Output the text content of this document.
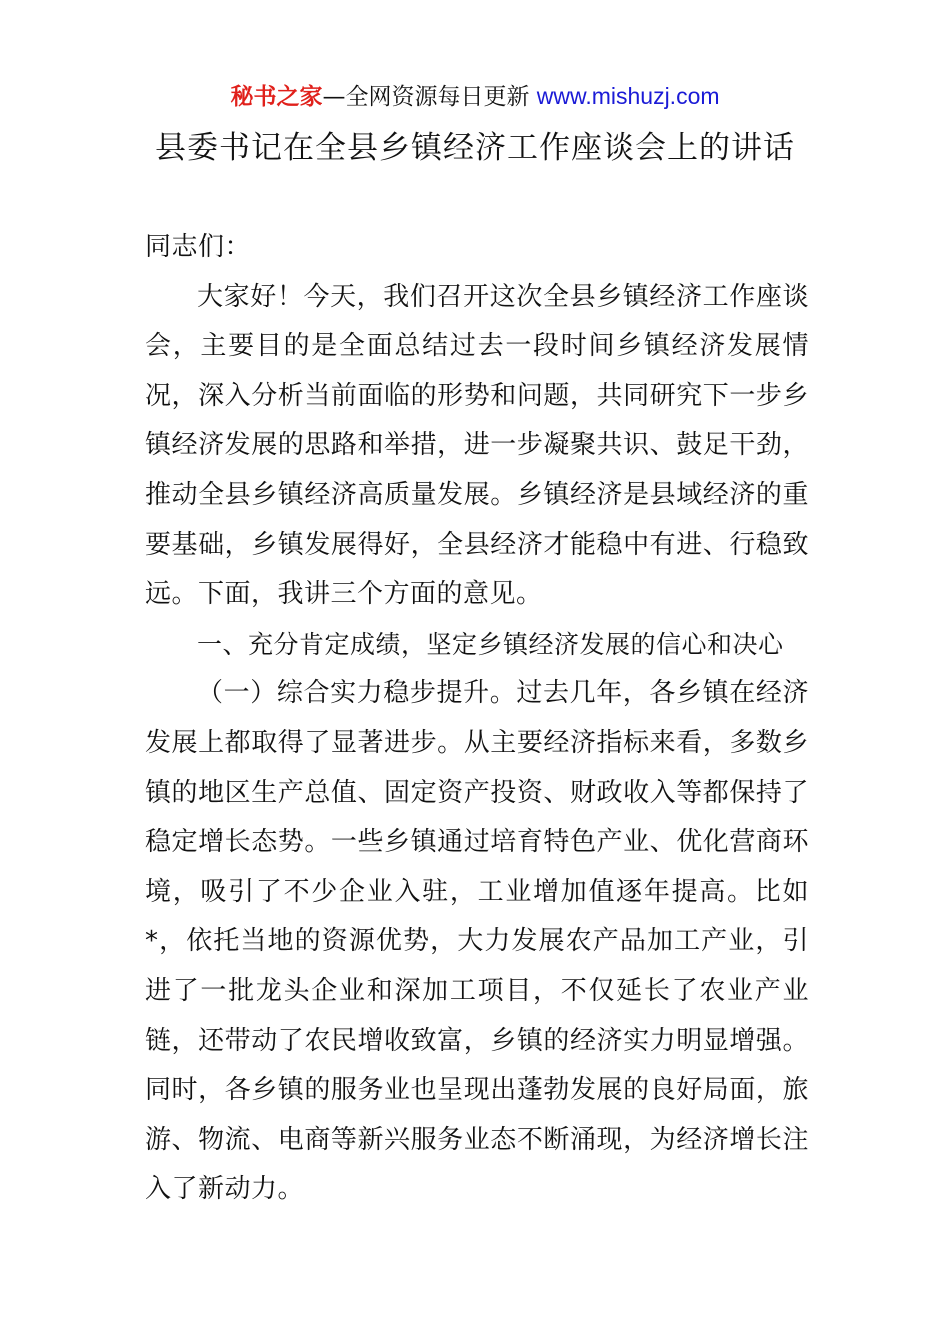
秘书之家—全网资源每日更新 www.mishuzj.com
县委书记在全县乡镇经济工作座谈会上的讲话

同志们：

大家好！今天，我们召开这次全县乡镇经济工作座谈会，主要目的是全面总结过去一段时间乡镇经济发展情况，深入分析当前面临的形势和问题，共同研究下一步乡镇经济发展的思路和举措，进一步凝聚共识、鼓足干劲，推动全县乡镇经济高质量发展。乡镇经济是县域经济的重要基础，乡镇发展得好，全县经济才能稳中有进、行稳致远。下面，我讲三个方面的意见。

一、充分肯定成绩，坚定乡镇经济发展的信心和决心

（一）综合实力稳步提升。过去几年，各乡镇在经济发展上都取得了显著进步。从主要经济指标来看，多数乡镇的地区生产总值、固定资产投资、财政收入等都保持了稳定增长态势。一些乡镇通过培育特色产业、优化营商环境，吸引了不少企业入驻，工业增加值逐年提高。比如*，依托当地的资源优势，大力发展农产品加工产业，引进了一批龙头企业和深加工项目，不仅延长了农业产业链，还带动了农民增收致富，乡镇的经济实力明显增强。同时，各乡镇的服务业也呈现出蓬勃发展的良好局面，旅游、物流、电商等新兴服务业态不断涌现，为经济增长注入了新动力。
